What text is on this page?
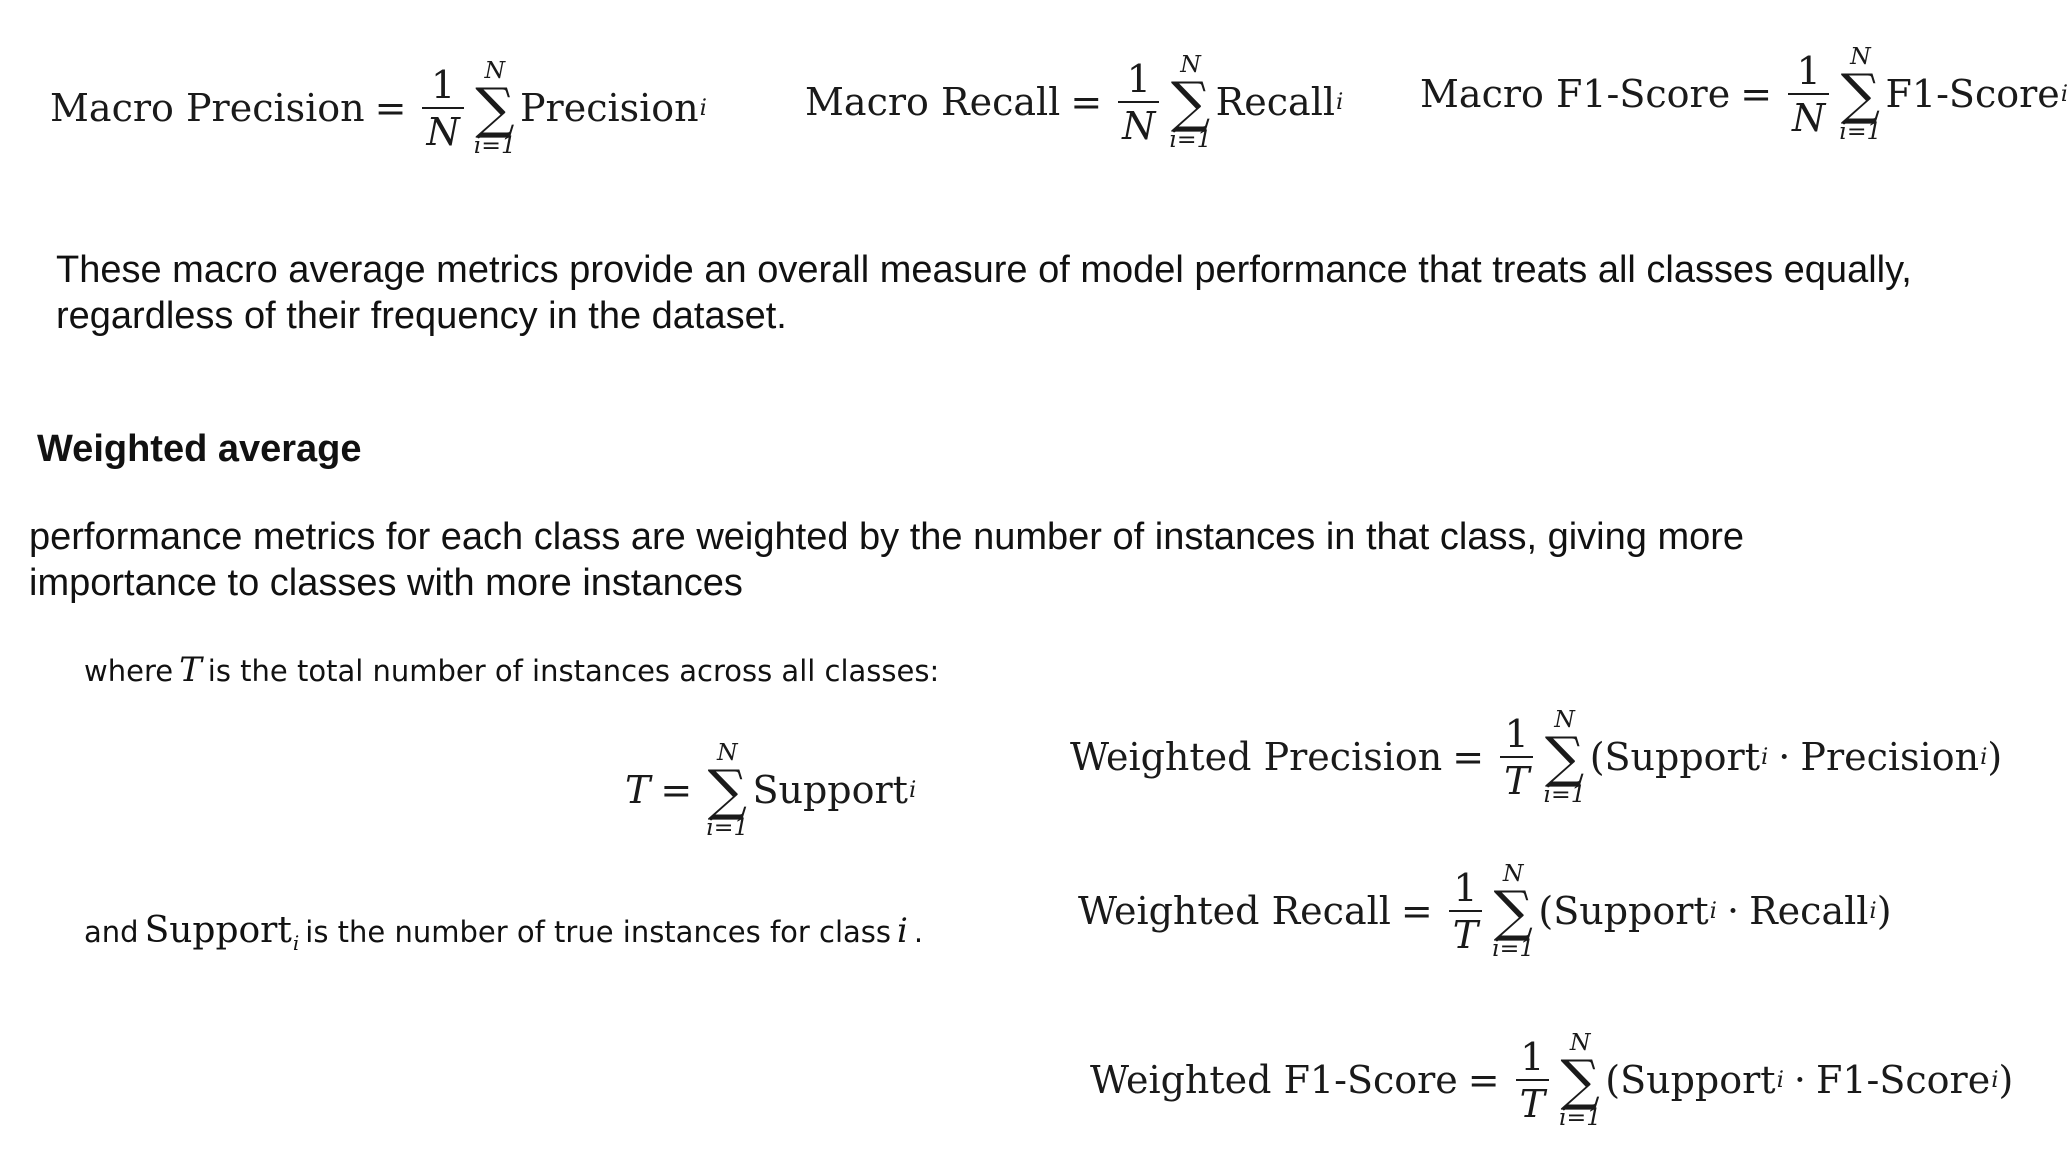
Macro Precision = $\frac{1}{N}$ N
∑
i=1
Precision i	Macro Recall = $\frac{1}{N}$ N
∑
i=1
Recall i Macro F1-Score = $\frac{1}{N}$ N
∑
i=1
F1-Score i
These macro average metrics provide an overall measure of model performance that treats all classes equally, regardless of their frequency in the dataset.
Weighted average
performance metrics for each class are weighted by the number of instances in that class, giving more importance to classes with more instances
where T is the total number of instances across all classes:
T =
N
∑
i=1
Support i
and Support$_i$ is the number of true instances for class i .
Weighted Precision = $\frac{1}{T}$ N
∑
i=1
( Support i · Precision i )
Weighted Recall = $\frac{1}{T}$ N
∑
i=1
( Support i · Recall i )
Weighted F1-Score = $\frac{1}{T}$ N
∑
i=1
( Support i · F1-Score i )
